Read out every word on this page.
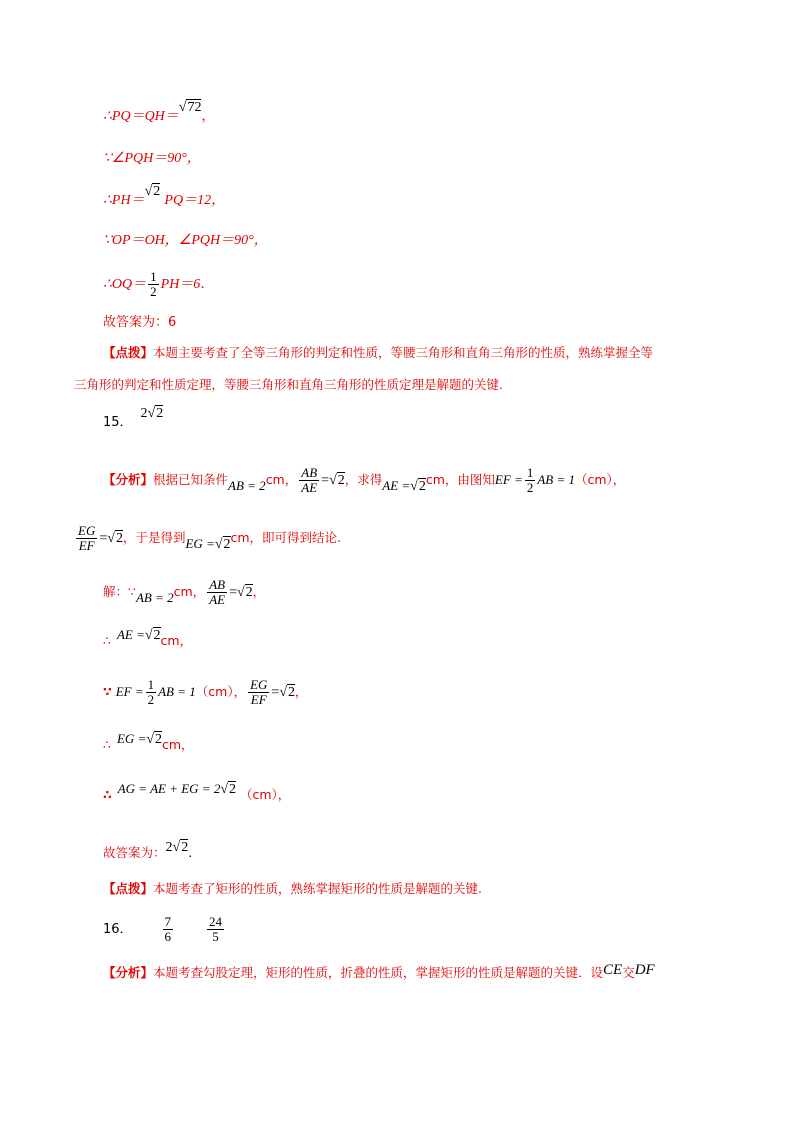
∴PQ＝QH＝√72，
∵∠PQH＝90°，
∴PH＝√2 PQ＝12，
∵OP＝OH，∠PQH＝90°，
∴OQ＝ $\frac{1}{2} PH=6$．
故答案为：6
【点拨】本题主要考查了全等三角形的判定和性质，等腰三角形和直角三角形的性质，熟练掌握全等
三角形的判定和性质定理，等腰三角形和直角三角形的性质定理是解题的关键.
15．2√2
【分析】根据已知条件AB = 2cm， $\frac{AB}{AE} =√2$，求得AE =√2cm，由图知EF = $\frac{1}{2}$ AB = 1（cm），
$\frac{EG}{EF} =√2$，于是得到EG =√2cm，即可得到结论.
解：∵AB = 2cm， $\frac{AB}{AE} =√2$，
∴ AE =√2cm，
∵ EF = $\frac{1}{2}$ AB = 1（cm）， $\frac{EG}{EF} =√2$，
∴ EG =√2cm，
∴ AG = AE + EG = 2√2 （cm），
故答案为：2√2.
【点拨】本题考查了矩形的性质，熟练掌握矩形的性质是解题的关键.
16． $\frac{7}{6}$	$\frac{24}{5}$
【分析】本题考查勾股定理，矩形的性质，折叠的性质，掌握矩形的性质是解题的关键．设CE交DF
